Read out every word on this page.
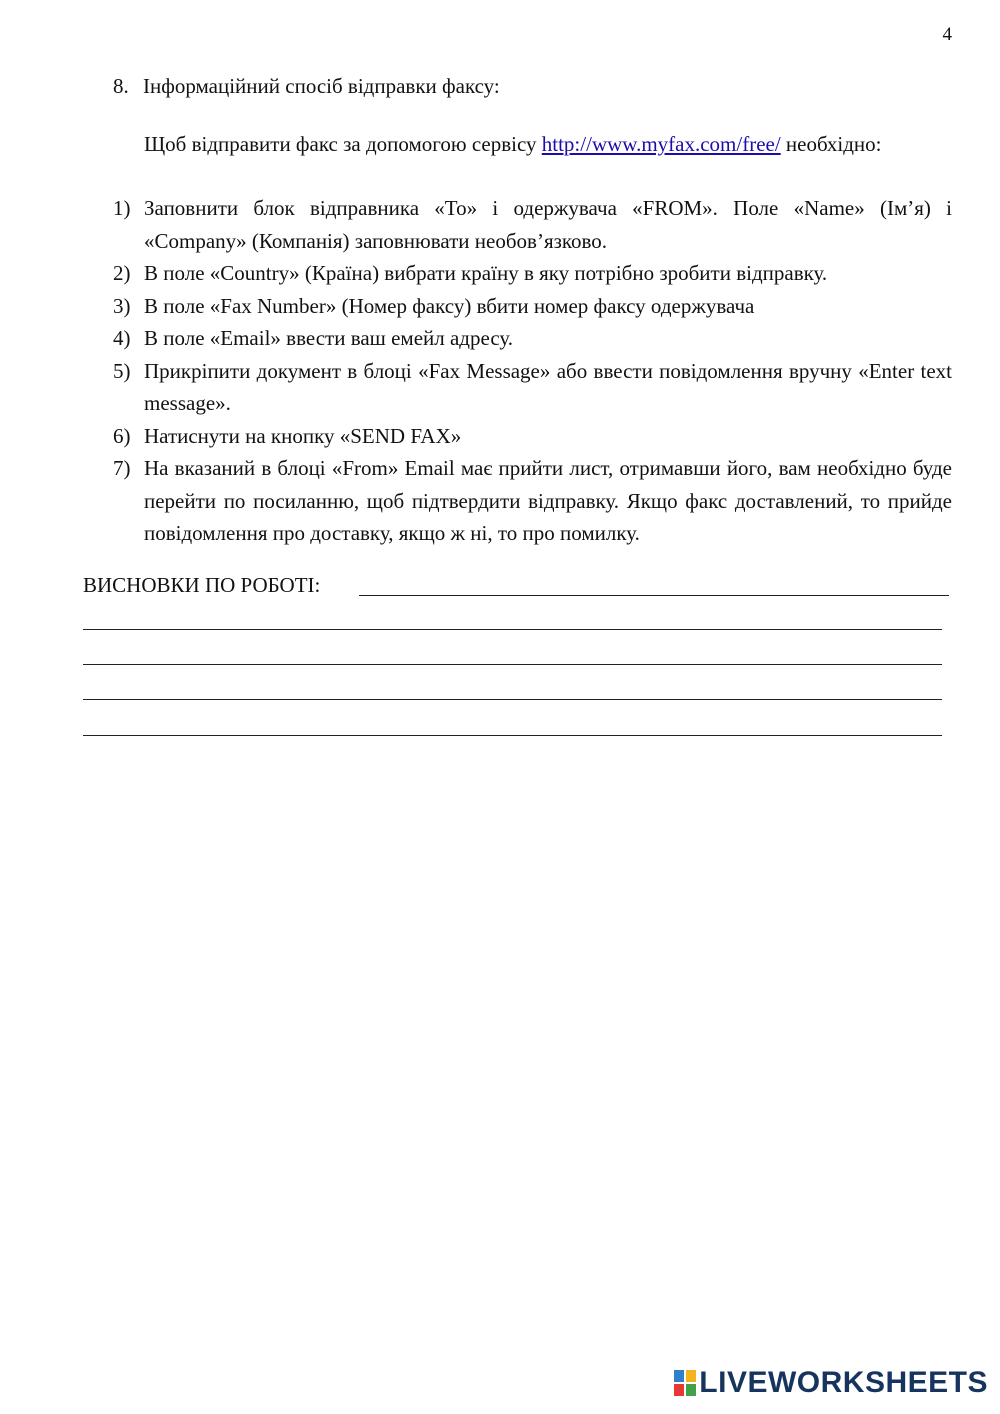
4
8. Інформаційний спосіб відправки факсу:
Щоб відправити факс за допомогою сервісу http://www.myfax.com/free/ необхідно:
1) Заповнити блок відправника «To» і одержувача «FROM». Поле «Name» (Ім’я) і «Company» (Компанія) заповнювати необов’язково.
2) В поле «Country» (Країна) вибрати країну в яку потрібно зробити відправку.
3) В поле «Fax Number» (Номер факсу) вбити номер факсу одержувача
4) В поле «Email» ввести ваш емейл адресу.
5) Прикріпити документ в блоці «Fax Message» або ввести повідомлення вручну «Enter text message».
6) Натиснути на кнопку «SEND FAX»
7) На вказаний в блоці «From» Email має прийти лист, отримавши його, вам необхідно буде перейти по посиланню, щоб підтвердити відправку. Якщо факс доставлений, то прийде повідомлення про доставку, якщо ж ні, то про помилку.
ВИСНОВКИ ПО РОБОТІ:
LIVEWORKSHEETS
